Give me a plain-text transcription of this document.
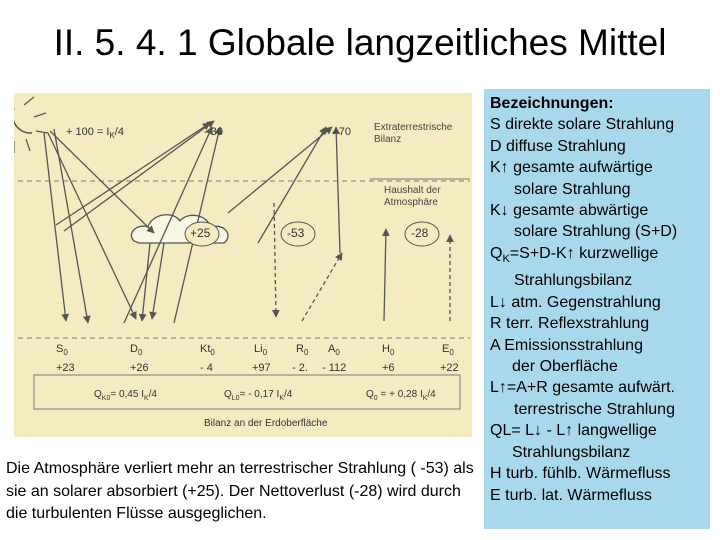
II. 5. 4. 1 Globale langzeitliches Mittel
+ $100 = I_K/4$	- 30	- 70 Extraterrestrische
Bilanz
Haushalt der
Atmosphäre
+25	-53	-28
$S_0$	$D_0$	$Kt_0$	$Li_0$	$R_0$ $A_0$	$H_0$	$E_0$
+23	+26	- 4	+97 - 2. - 112	+6	+22
$Q_{K0}= 0,45$ $I_K/4$	$Q_{L0}= - 0,17$ $I_K/4$	$Q_0$ = + 0,28 $I_K/4$
Bilanz an der Erdoberfläche
Bezeichnungen:
S direkte solare Strahlung
D diffuse Strahlung
K↑ gesamte aufwärtige
solare Strahlung
K↓ gesamte abwärtige
solare Strahlung (S+D)
$Q_K=S+D-K↑$ kurzwellige
Strahlungsbilanz
L↓ atm. Gegenstrahlung
R terr. Reflexstrahlung
A Emissionsstrahlung
der Oberfläche
L↑=A+R gesamte aufwärt.
terrestrische Strahlung
QL= L↓ - L↑ langwellige
Strahlungsbilanz
H turb. fühlb. Wärmefluss
E turb. lat. Wärmefluss
Die Atmosphäre verliert mehr an terrestrischer Strahlung ( -53) als sie an solarer absorbiert (+25). Der Nettoverlust (-28) wird durch die turbulenten Flüsse ausgeglichen.
